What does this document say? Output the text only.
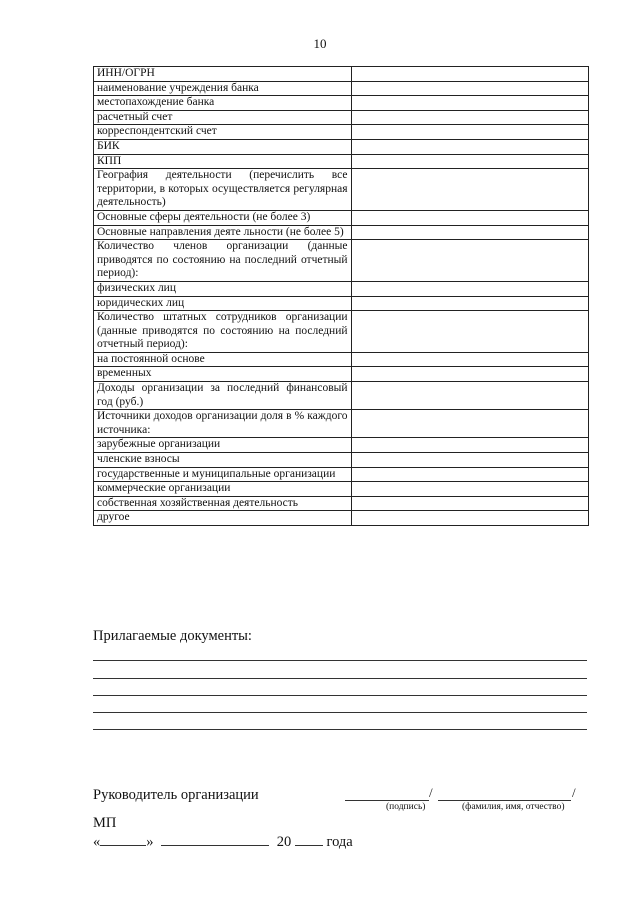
10
ИНН/ОГРН	
наименование учреждения банка	
местопахождение банка	
расчетный счет	
корреспондентский счет	
БИК	
КПП	
География деятельности (перечислить все территории, в которых осуществляется регулярная деятельность)	
Основные сферы деятельности (не более 3)	
Основные направления деяте льности (не более 5)	
Количество членов организации (данные приводятся по состоянию на последний отчетный период):	
физических лиц	
юридических лиц	
Количество штатных сотрудников организации (данные приводятся по состоянию на последний отчетный период):	
на постоянной основе	
временных	
Доходы организации за последний финансовый год (руб.)	
Источники доходов организации доля в % каждого источника:	
зарубежные организации	
членские взносы	
государственные и муниципальные организации	
коммерческие организации	
собственная хозяйственная деятельность	
другое	
Прилагаемые документы:
Руководитель организации	/	/
(подпись)	(фамилия, имя, отчество)
МП
«	»	20 года
